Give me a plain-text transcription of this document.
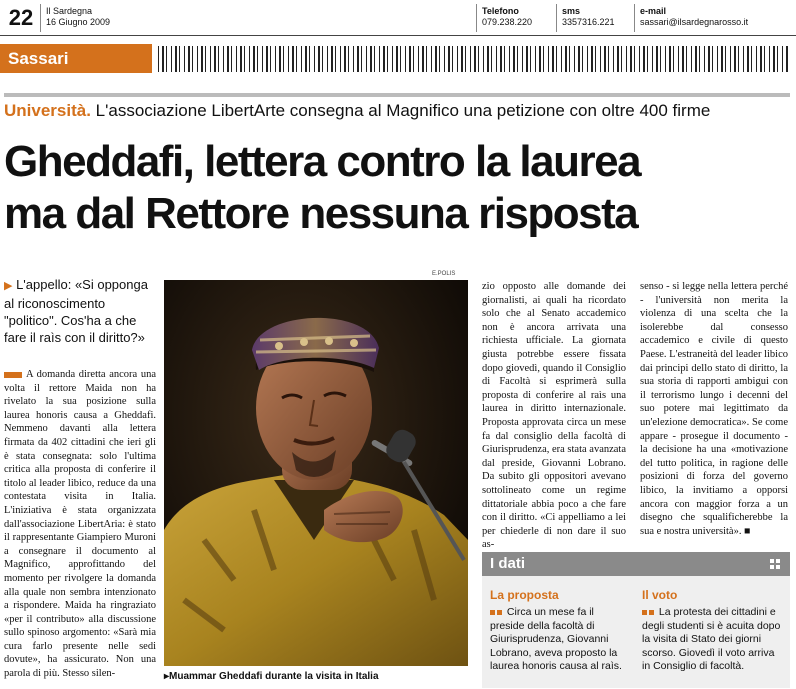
22	Il Sardegna
16 Giugno 2009
Telefono
079.238.220
sms
3357316.221
e-mail
sassari@ilsardegnarosso.it
Sassari
Università. L'associazione LibertArte consegna al Magnifico una petizione con oltre 400 firme
Gheddafi, lettera contro la laurea
ma dal Rettore nessuna risposta
▶ L'appello: «Si opponga al riconoscimento "politico". Cos'ha a che fare il raìs con il diritto?»
A domanda diretta ancora una volta il rettore Maida non ha rivelato la sua posizione sulla laurea honoris causa a Gheddafi. Nemmeno davanti alla lettera firmata da 402 cittadini che ieri gli è stata consegnata: solo l'ultima critica alla proposta di conferire il titolo al leader libico, reduce da una contestata visita in Italia. L'iniziativa è stata organizzata dall'associazione LibertAria: è stato il rappresentante Giampiero Muroni a consegnare il documento al Magnifico, approfittando del momento per rivolgere la domanda alla quale non sembra intenzionato a rispondere. Maida ha ringraziato «per il contributo» alla discussione sullo spinoso argomento: «Sarà mia cura farlo presente nelle sedi dovute», ha assicurato. Non una parola di più. Stesso silen-
E.POLIS
▸Muammar Gheddafi durante la visita in Italia
zio opposto alle domande dei giornalisti, ai quali ha ricordato solo che al Senato accademico non è ancora arrivata una richiesta ufficiale. La giornata giusta potrebbe essere fissata dopo giovedì, quando il Consiglio di Facoltà si esprimerà sulla proposta di conferire al raìs una laurea in diritto internazionale. Proposta approvata circa un mese fa dal consiglio della facoltà di Giurisprudenza, era stata avanzata dal preside, Giovanni Lobrano. Da subito gli oppositori avevano sottolineato come un regime dittatoriale abbia poco a che fare con il diritto. «Ci appelliamo a lei per chiederle di non dare il suo as-
senso - si legge nella lettera perché - l'università non merita la violenza di una scelta che la isolerebbe dal consesso accademico e civile di questo Paese. L'estraneità del leader libico dai principi dello stato di diritto, la sua storia di rapporti ambigui con il terrorismo lungo i decenni del suo potere mai legittimato da un'elezione democratica». Se come appare - prosegue il documento - la decisione ha una «motivazione del tutto politica, in ragione delle posizioni di forza del governo libico, la invitiamo a opporsi ancora con maggior forza a un disegno che squalificherebbe la sua e nostra università». ■
I dati
La proposta
Circa un mese fa il preside della facoltà di Giurisprudenza, Giovanni Lobrano, aveva proposto la laurea honoris causa al raìs.
Il voto
La protesta dei cittadini e degli studenti si è acuita dopo la visita di Stato dei giorni scorso. Giovedì il voto arriva in Consiglio di facoltà.
